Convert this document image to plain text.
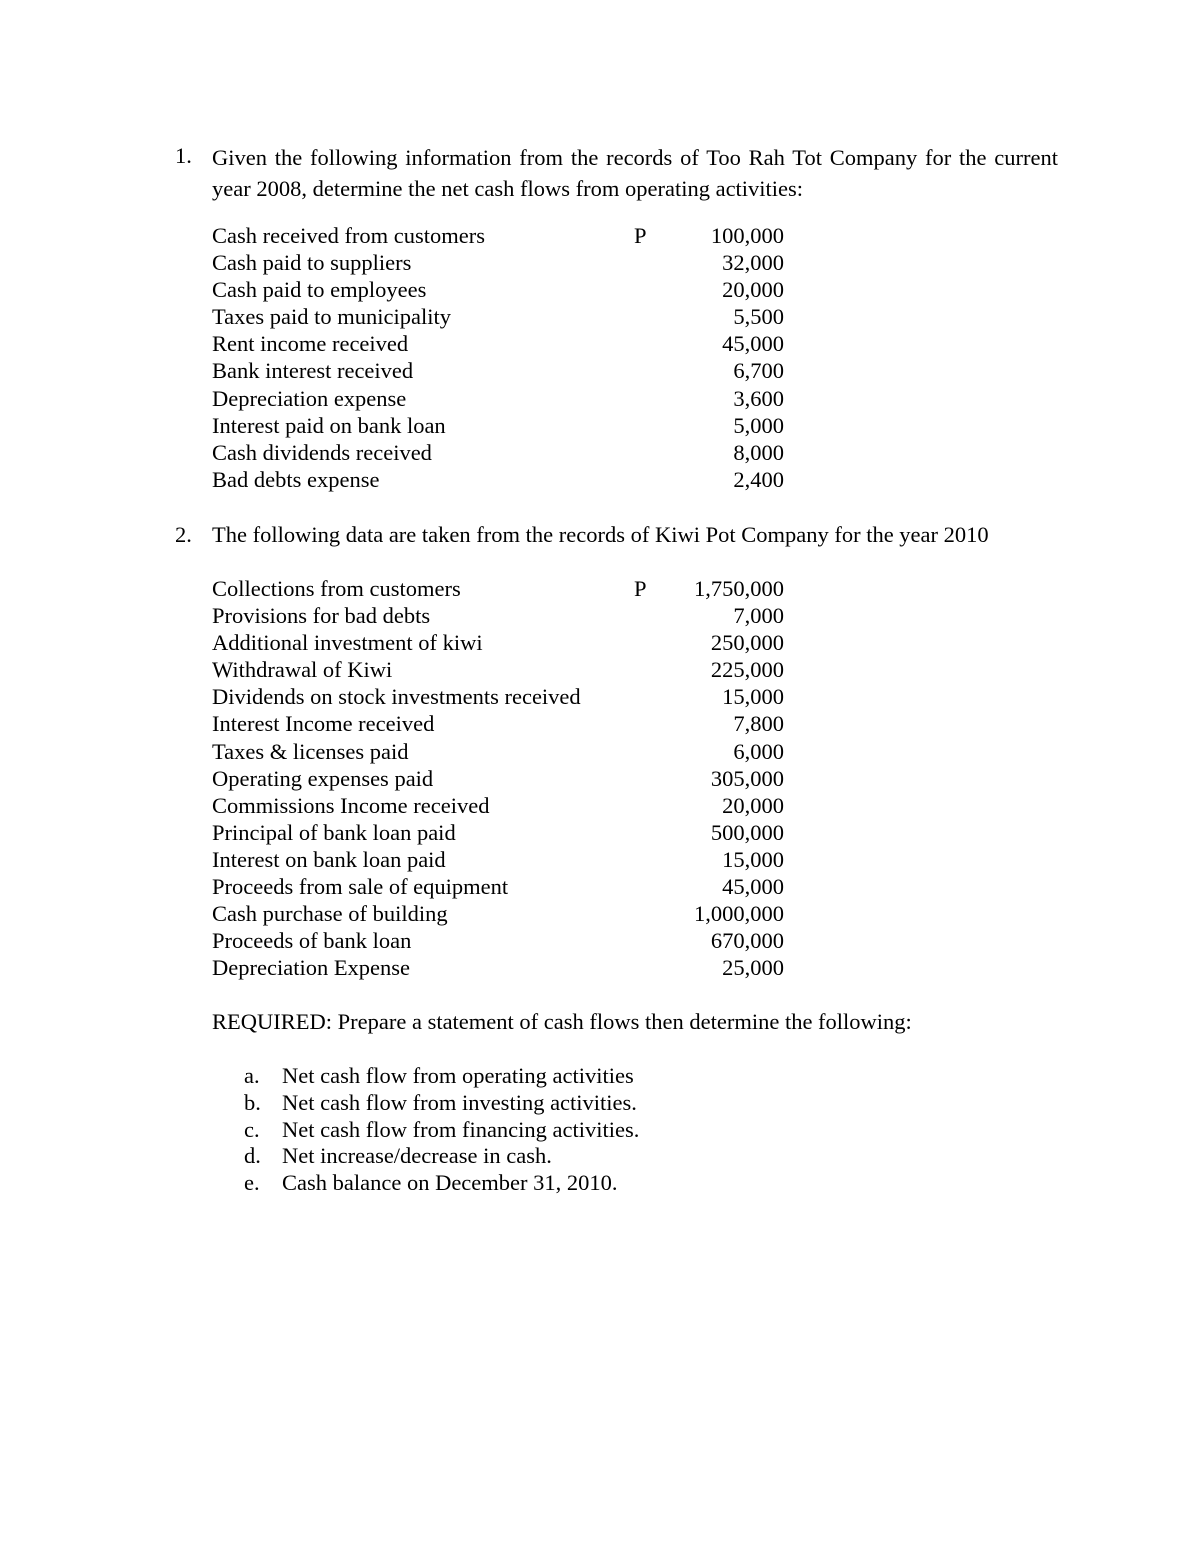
1. Given the following information from the records of Too Rah Tot Company for the current year 2008, determine the net cash flows from operating activities:
Cash received from customers	P	100,000
Cash paid to suppliers	32,000
Cash paid to employees	20,000
Taxes paid to municipality	5,500
Rent income received	45,000
Bank interest received	6,700
Depreciation expense	3,600
Interest paid on bank loan	5,000
Cash dividends received	8,000
Bad debts expense	2,400
2. The following data are taken from the records of Kiwi Pot Company for the year 2010
Collections from customers	P 1,750,000
Provisions for bad debts	7,000
Additional investment of kiwi	250,000
Withdrawal of Kiwi	225,000
Dividends on stock investments received	15,000
Interest Income received	7,800
Taxes & licenses paid	6,000
Operating expenses paid	305,000
Commissions Income received	20,000
Principal of bank loan paid	500,000
Interest on bank loan paid	15,000
Proceeds from sale of equipment	45,000
Cash purchase of building	1,000,000
Proceeds of bank loan	670,000
Depreciation Expense	25,000
REQUIRED: Prepare a statement of cash flows then determine the following:
a. Net cash flow from operating activities
b. Net cash flow from investing activities.
c. Net cash flow from financing activities.
d. Net increase/decrease in cash.
e. Cash balance on December 31, 2010.
